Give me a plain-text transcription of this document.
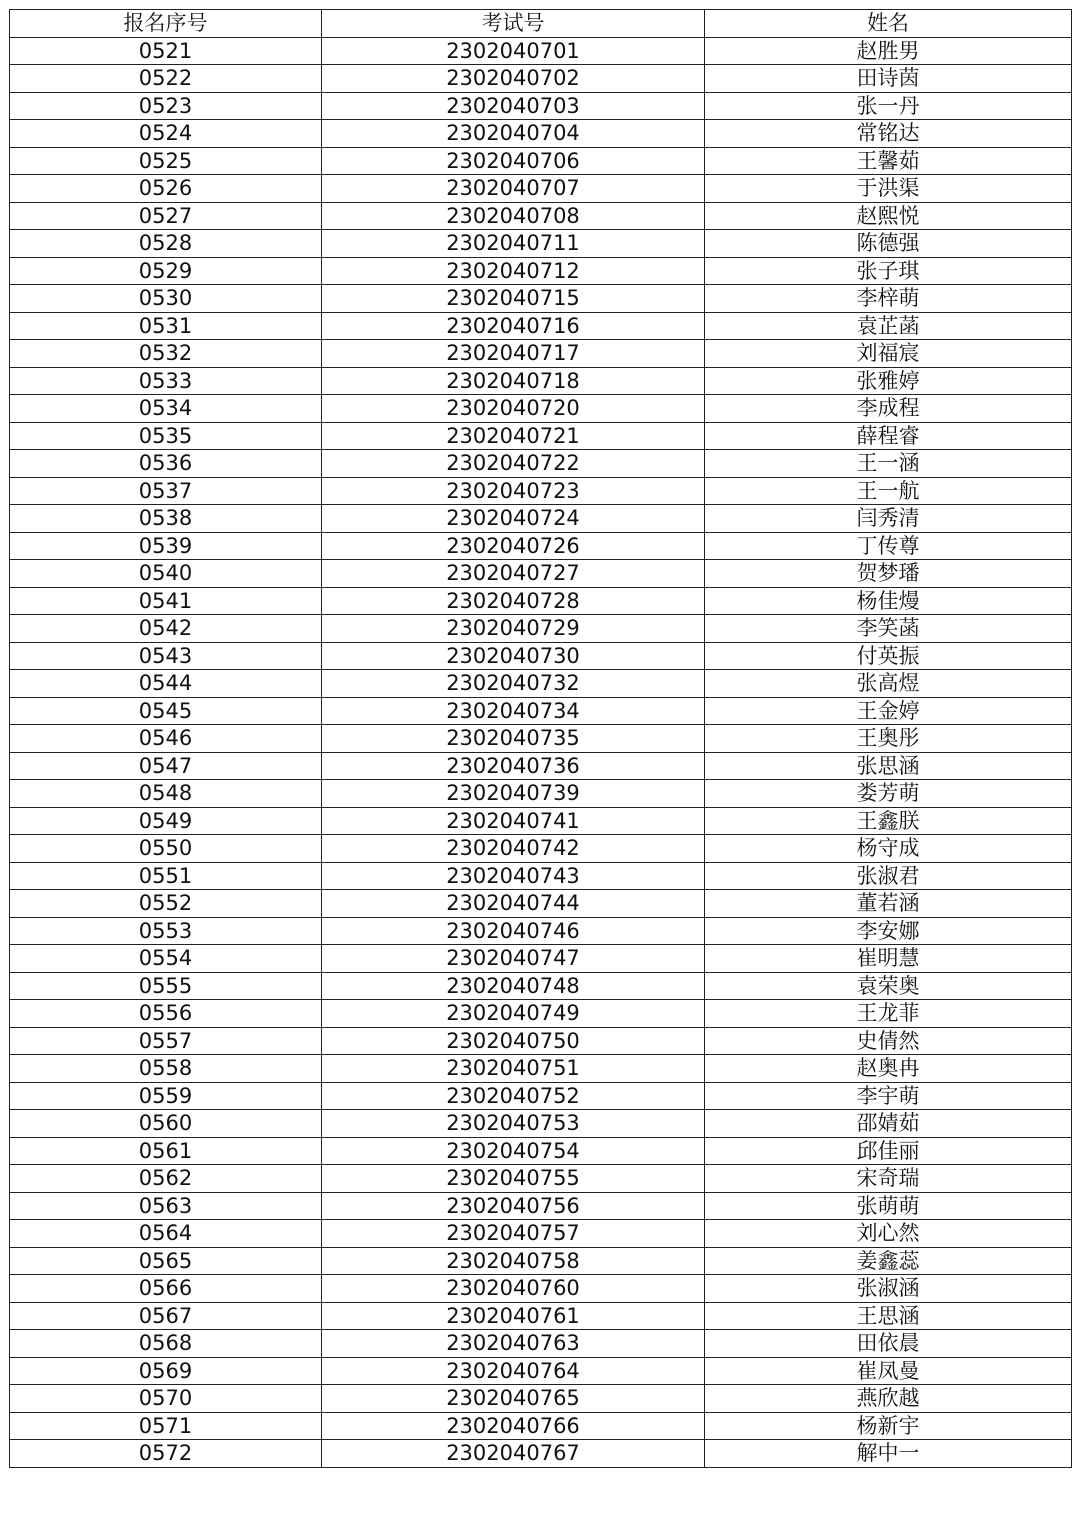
报名序号	考试号	姓名
0521	2302040701	赵胜男
0522	2302040702	田诗茵
0523	2302040703	张一丹
0524	2302040704	常铭达
0525	2302040706	王馨茹
0526	2302040707	于洪渠
0527	2302040708	赵熙悦
0528	2302040711	陈德强
0529	2302040712	张子琪
0530	2302040715	李梓萌
0531	2302040716	袁芷菡
0532	2302040717	刘福宸
0533	2302040718	张雅婷
0534	2302040720	李成程
0535	2302040721	薛程睿
0536	2302040722	王一涵
0537	2302040723	王一航
0538	2302040724	闫秀清
0539	2302040726	丁传尊
0540	2302040727	贺梦璠
0541	2302040728	杨佳熳
0542	2302040729	李笑菡
0543	2302040730	付英振
0544	2302040732	张高煜
0545	2302040734	王金婷
0546	2302040735	王奥彤
0547	2302040736	张思涵
0548	2302040739	娄芳萌
0549	2302040741	王鑫朕
0550	2302040742	杨守成
0551	2302040743	张淑君
0552	2302040744	董若涵
0553	2302040746	李安娜
0554	2302040747	崔明慧
0555	2302040748	袁荣奥
0556	2302040749	王龙菲
0557	2302040750	史倩然
0558	2302040751	赵奥冉
0559	2302040752	李宇萌
0560	2302040753	邵婧茹
0561	2302040754	邱佳丽
0562	2302040755	宋奇瑞
0563	2302040756	张萌萌
0564	2302040757	刘心然
0565	2302040758	姜鑫蕊
0566	2302040760	张淑涵
0567	2302040761	王思涵
0568	2302040763	田依晨
0569	2302040764	崔凤曼
0570	2302040765	燕欣越
0571	2302040766	杨新宇
0572	2302040767	解中一
